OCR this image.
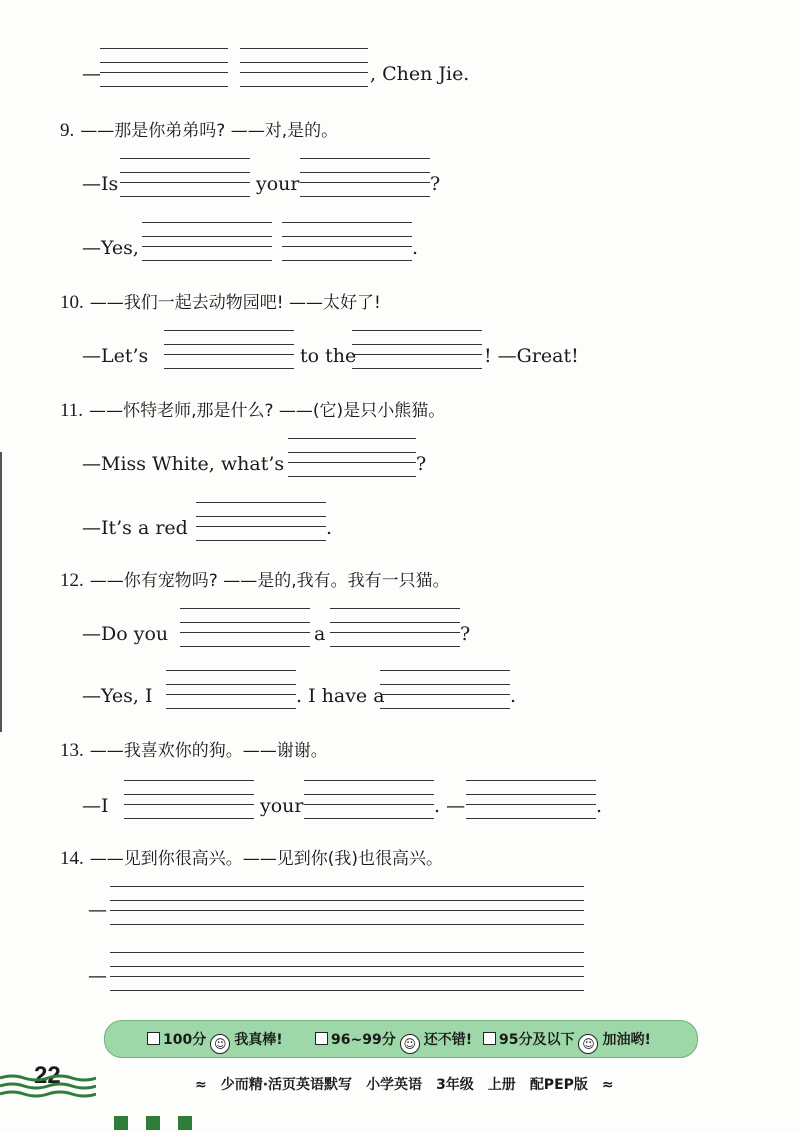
—	, Chen Jie.
9. ——那是你弟弟吗? ——对,是的。
—Is	your	?
—Yes,	.
10. ——我们一起去动物园吧! ——太好了!
—Let’s	to the	! —Great!
11. ——怀特老师,那是什么? ——(它)是只小熊猫。
—Miss White, what’s	?
—It’s a red	.
12. ——你有宠物吗? ——是的,我有。我有一只猫。
—Do you	a	?
—Yes, I	. I have a	.
13. ——我喜欢你的狗。——谢谢。
—I	your	. —	.
14. ——见到你很高兴。——见到你(我)也很高兴。
—
—
100分 ☺ 我真棒!	96~99分 ☺ 还不错!	95分及以下 ☺ 加油哟!
22	≈ 少而精·活页英语默写 小学英语 3年级 上册 配PEP版 ≈
